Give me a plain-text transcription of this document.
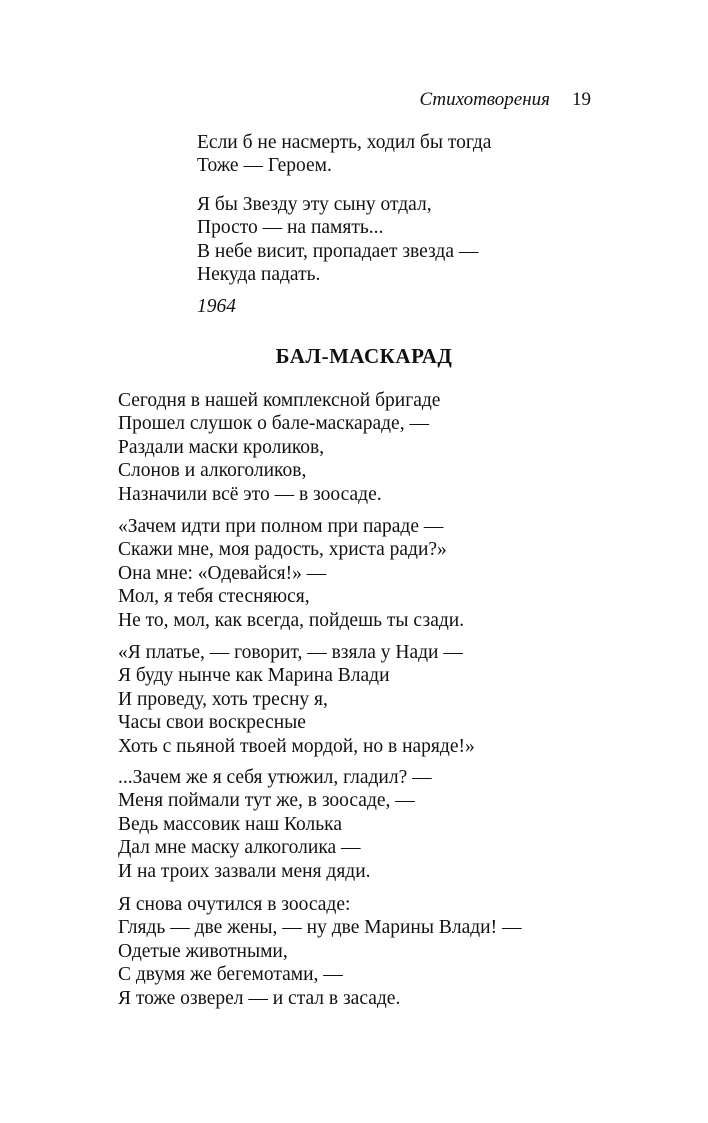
Стихотворения 19
Если б не насмерть, ходил бы тогда
Тоже — Героем.
Я бы Звезду эту сыну отдал,
Просто — на память...
В небе висит, пропадает звезда —
Некуда падать.
1964
БАЛ-МАСКАРАД
Сегодня в нашей комплексной бригаде
Прошел слушок о бале-маскараде, —
Раздали маски кроликов,
Слонов и алкоголиков,
Назначили всё это — в зоосаде.
«Зачем идти при полном при параде —
Скажи мне, моя радость, христа ради?»
Она мне: «Одевайся!» —
Мол, я тебя стесняюся,
Не то, мол, как всегда, пойдешь ты сзади.
«Я платье, — говорит, — взяла у Нади —
Я буду нынче как Марина Влади
И проведу, хоть тресну я,
Часы свои воскресные
Хоть с пьяной твоей мордой, но в наряде!»
...Зачем же я себя утюжил, гладил? —
Меня поймали тут же, в зоосаде, —
Ведь массовик наш Колька
Дал мне маску алкоголика —
И на троих зазвали меня дяди.
Я снова очутился в зоосаде:
Глядь — две жены, — ну две Марины Влади! —
Одетые животными,
С двумя же бегемотами, —
Я тоже озверел — и стал в засаде.
